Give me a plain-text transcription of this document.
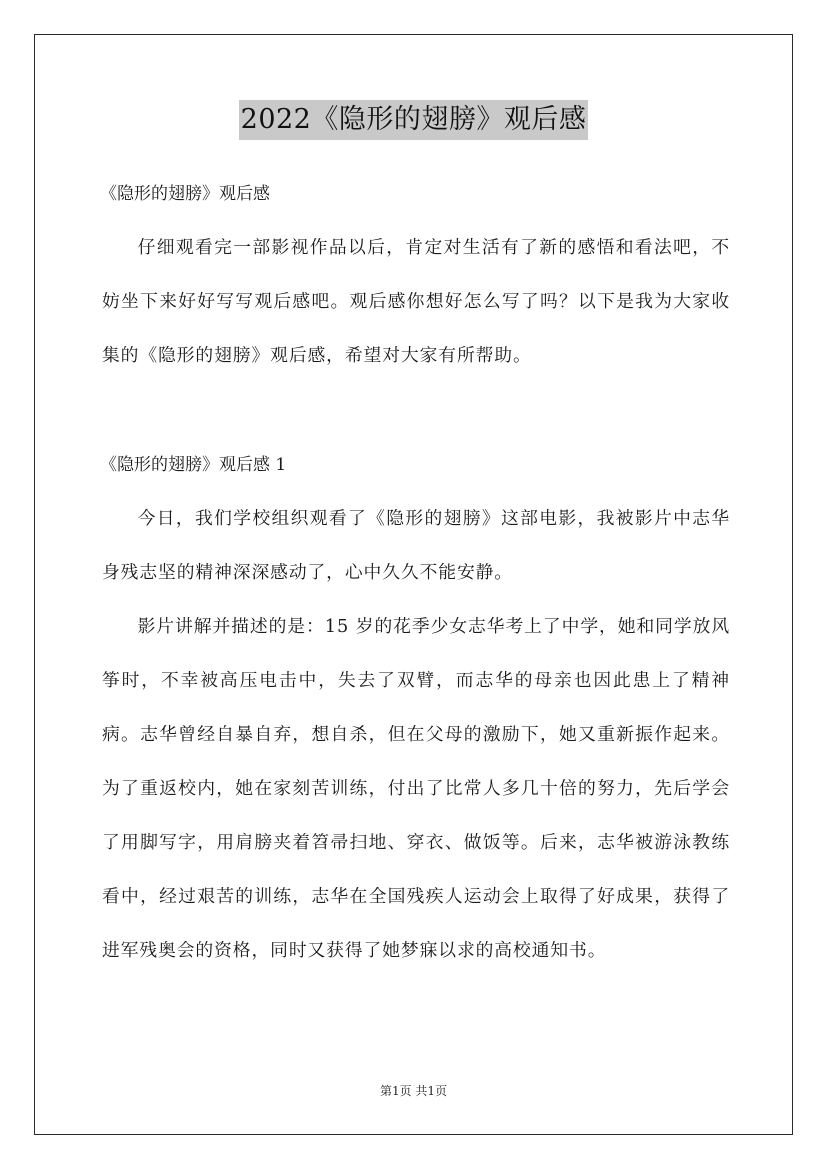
2022《隐形的翅膀》观后感
《隐形的翅膀》观后感

仔细观看完一部影视作品以后，肯定对生活有了新的感悟和看法吧，不妨坐下来好好写写观后感吧。观后感你想好怎么写了吗？以下是我为大家收集的《隐形的翅膀》观后感，希望对大家有所帮助。

《隐形的翅膀》观后感 1

今日，我们学校组织观看了《隐形的翅膀》这部电影，我被影片中志华身残志坚的精神深深感动了，心中久久不能安静。

影片讲解并描述的是：15 岁的花季少女志华考上了中学，她和同学放风筝时，不幸被高压电击中，失去了双臂，而志华的母亲也因此患上了精神病。志华曾经自暴自弃，想自杀，但在父母的激励下，她又重新振作起来。为了重返校内，她在家刻苦训练，付出了比常人多几十倍的努力，先后学会了用脚写字，用肩膀夹着笤帚扫地、穿衣、做饭等。后来，志华被游泳教练看中，经过艰苦的训练，志华在全国残疾人运动会上取得了好成果，获得了进军残奥会的资格，同时又获得了她梦寐以求的高校通知书。

第1页 共1页
